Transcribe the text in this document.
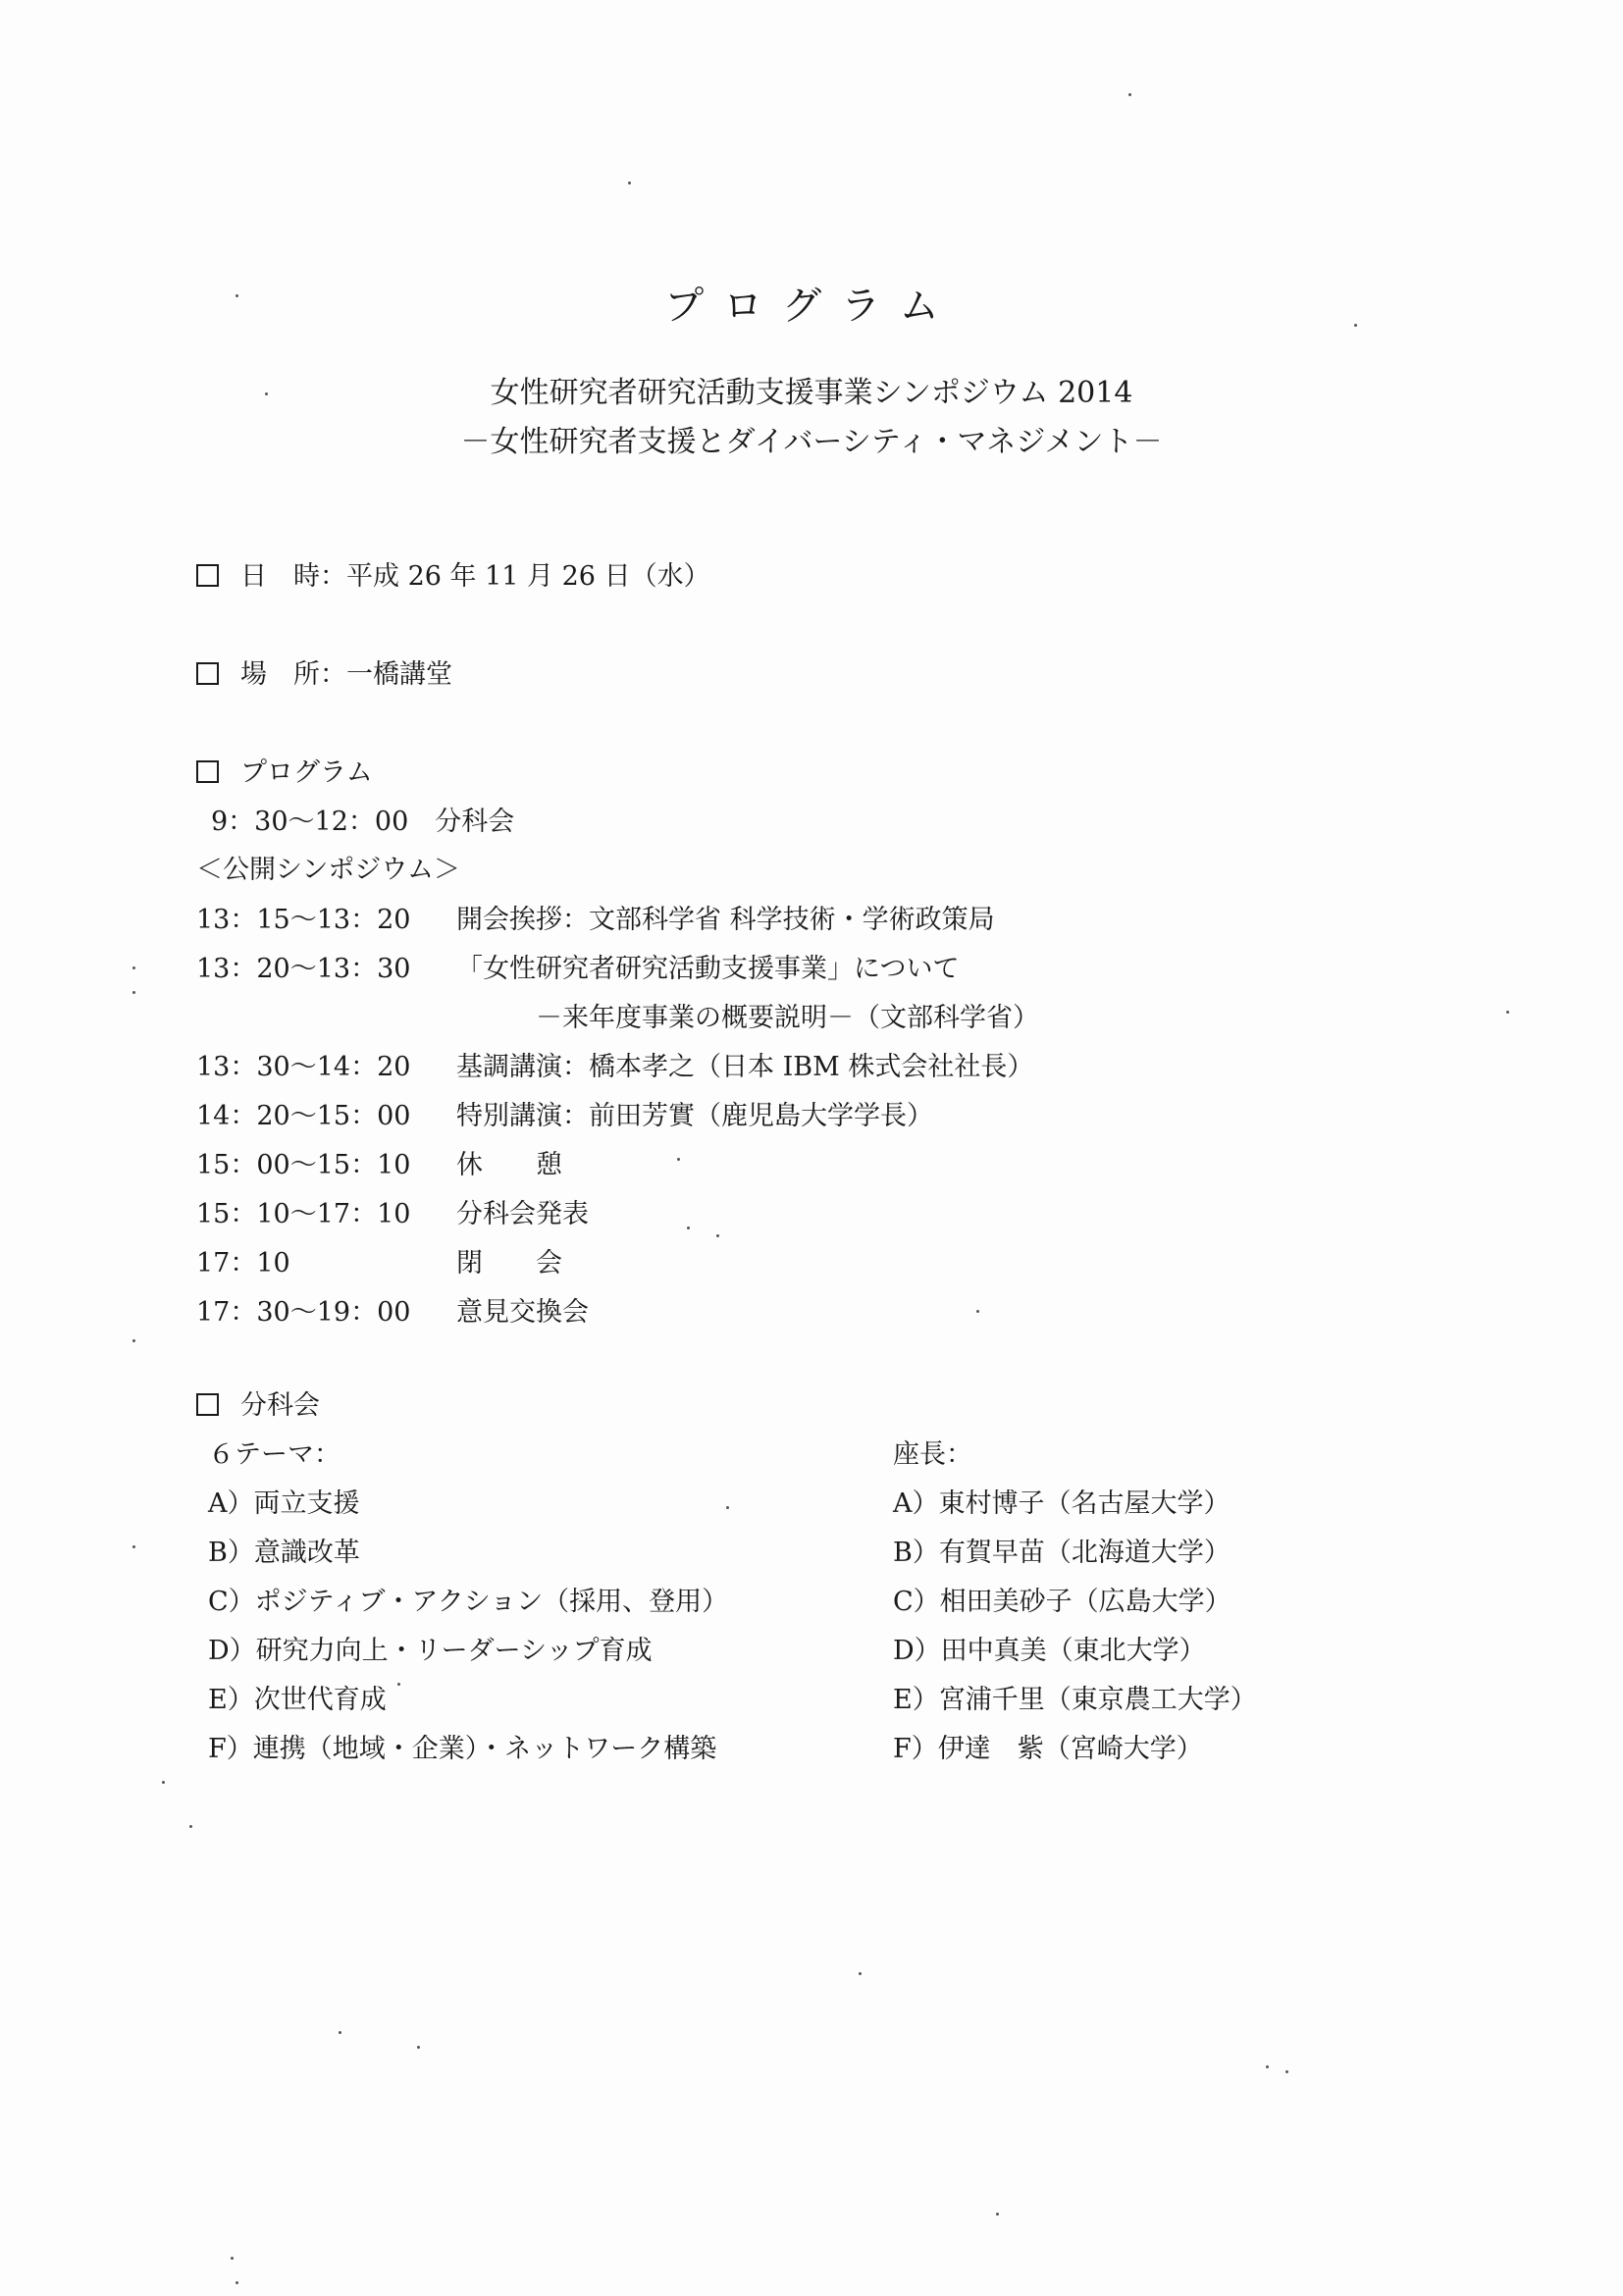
プログラム
女性研究者研究活動支援事業シンポジウム 2014
－女性研究者支援とダイバーシティ・マネジメント－
日　時：平成 26 年 11 月 26 日（水）
場　所：一橋講堂
プログラム
9：30～12：00　分科会
＜公開シンポジウム＞
13：15～13：20 開会挨拶：文部科学省 科学技術・学術政策局
13：20～13：30 「女性研究者研究活動支援事業」について
　　　－来年度事業の概要説明－（文部科学省）
13：30～14：20 基調講演：橋本孝之（日本 IBM 株式会社社長）
14：20～15：00 特別講演：前田芳實（鹿児島大学学長）
15：00～15：10 休　　憩
15：10～17：10 分科会発表
17：10	閉　　会
17：30～19：00 意見交換会
分科会
６テーマ：	座長：
A）両立支援
B）意識改革
C）ポジティブ・アクション（採用、登用）
D）研究力向上・リーダーシップ育成
E）次世代育成
F）連携（地域・企業）・ネットワーク構築
A）東村博子（名古屋大学）
B）有賀早苗（北海道大学）
C）相田美砂子（広島大学）
D）田中真美（東北大学）
E）宮浦千里（東京農工大学）
F）伊達　紫（宮崎大学）
